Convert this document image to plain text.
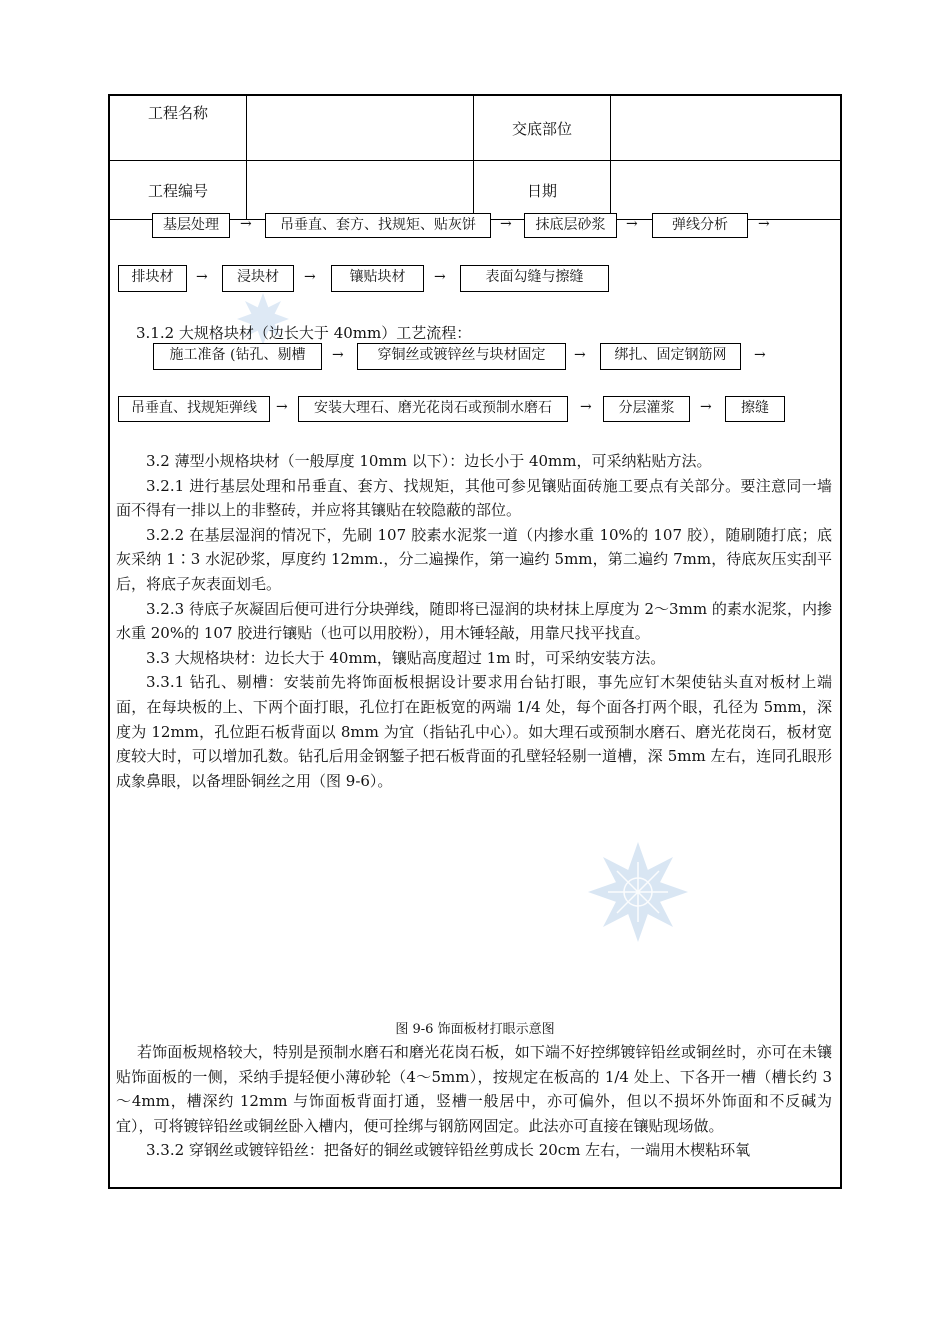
工程名称		交底部位	
工程编号		日期	
基层处理	→	吊垂直、套方、找规矩、贴灰饼	→	抹底层砂浆	→	弹线分析	→
排块材	→	浸块材	→	镶贴块材	→	表面勾缝与擦缝
3.1.2 大规格块材（边长大于 40mm）工艺流程：
施工准备 (钻孔、剔槽	→	穿铜丝或镀锌丝与块材固定	→	绑扎、固定钢筋网	→
吊垂直、找规矩弹线	→	安装大理石、磨光花岗石或预制水磨石	→	分层灌浆	→	擦缝

3.2 薄型小规格块材（一般厚度 10mm 以下）：边长小于 40mm，可采纳粘贴方法。

3.2.1 进行基层处理和吊垂直、套方、找规矩，其他可参见镶贴面砖施工要点有关部分。要注意同一墙面不得有一排以上的非整砖，并应将其镶贴在较隐蔽的部位。

3.2.2 在基层湿润的情况下，先刷 107 胶素水泥浆一道（内掺水重 10%的 107 胶），随刷随打底；底灰采纳 1∶3 水泥砂浆，厚度约 12mm.，分二遍操作，第一遍约 5mm，第二遍约 7mm，待底灰压实刮平后，将底子灰表面划毛。

3.2.3 待底子灰凝固后便可进行分块弹线，随即将已湿润的块材抹上厚度为 2～3mm 的素水泥浆，内掺水重 20%的 107 胶进行镶贴（也可以用胶粉），用木锤轻敲，用靠尺找平找直。

3.3 大规格块材：边长大于 40mm，镶贴高度超过 1m 时，可采纳安装方法。

3.3.1 钻孔、剔槽：安装前先将饰面板根据设计要求用台钻打眼，事先应钉木架使钻头直对板材上端面，在每块板的上、下两个面打眼，孔位打在距板宽的两端 1/4 处，每个面各打两个眼，孔径为 5mm，深度为 12mm，孔位距石板背面以 8mm 为宜（指钻孔中心）。如大理石或预制水磨石、磨光花岗石，板材宽度较大时，可以增加孔数。钻孔后用金钢錾子把石板背面的孔壁轻轻剔一道槽，深 5mm 左右，连同孔眼形成象鼻眼，以备埋卧铜丝之用（图 9-6）。

图 9-6 饰面板材打眼示意图

若饰面板规格较大，特别是预制水磨石和磨光花岗石板，如下端不好控绑镀锌铅丝或铜丝时，亦可在未镶贴饰面板的一侧，采纳手提轻便小薄砂轮（4～5mm），按规定在板高的 1/4 处上、下各开一槽（槽长约 3～4mm，槽深约 12mm 与饰面板背面打通，竖槽一般居中，亦可偏外，但以不损坏外饰面和不反碱为宜），可将镀锌铅丝或铜丝卧入槽内，便可拴绑与钢筋网固定。此法亦可直接在镶贴现场做。

3.3.2 穿钢丝或镀锌铅丝：把备好的铜丝或镀锌铅丝剪成长 20cm 左右，一端用木楔粘环氧
